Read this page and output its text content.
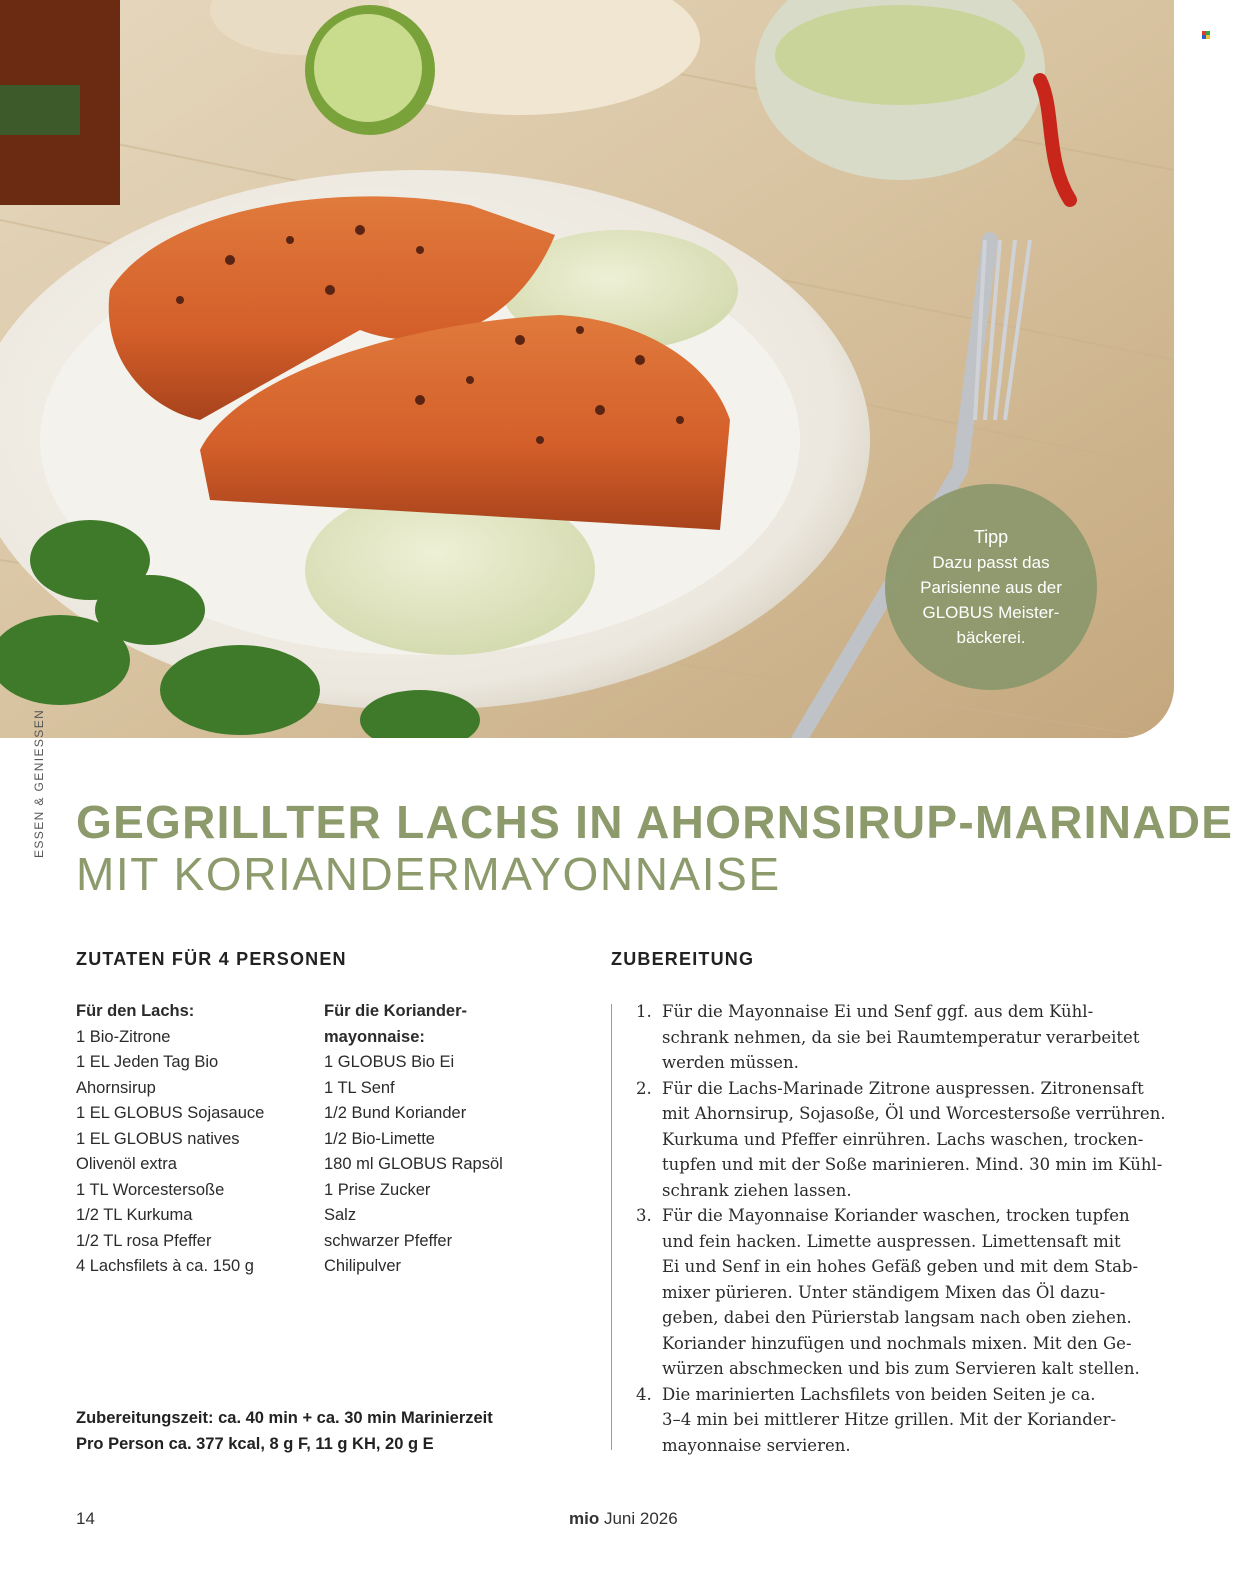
Tipp
Dazu passt das
Parisienne aus der
GLOBUS Meister-
bäckerei.
ESSEN & GENIESSEN GEGRILLTER LACHS IN AHORNSIRUP-MARINADE
MIT KORIANDERMAYONNAISE
ZUTATEN FÜR 4 PERSONEN	ZUBEREITUNG
Für den Lachs:
1 Bio-Zitrone
1 EL Jeden Tag Bio
Ahornsirup
1 EL GLOBUS Sojasauce
1 EL GLOBUS natives
Olivenöl extra
1 TL Worcestersoße
1/2 TL Kurkuma
1/2 TL rosa Pfeffer
4 Lachsfilets à ca. 150 g
Für die Koriander-
mayonnaise:
1 GLOBUS Bio Ei
1 TL Senf
1/2 Bund Koriander
1/2 Bio-Limette
180 ml GLOBUS Rapsöl
1 Prise Zucker
Salz
schwarzer Pfeffer
Chilipulver
1. Für die Mayonnaise Ei und Senf ggf. aus dem Kühl-
schrank nehmen, da sie bei Raumtemperatur verarbeitet
werden müssen.
2. Für die Lachs-Marinade Zitrone auspressen. Zitronensaft
mit Ahornsirup, Sojasoße, Öl und Worcestersoße verrühren.
Kurkuma und Pfeffer einrühren. Lachs waschen, trocken-
tupfen und mit der Soße marinieren. Mind. 30 min im Kühl-
schrank ziehen lassen.
3. Für die Mayonnaise Koriander waschen, trocken tupfen
und fein hacken. Limette auspressen. Limettensaft mit
Ei und Senf in ein hohes Gefäß geben und mit dem Stab-
mixer pürieren. Unter ständigem Mixen das Öl dazu-
geben, dabei den Pürierstab langsam nach oben ziehen.
Koriander hinzufügen und nochmals mixen. Mit den Ge-
würzen abschmecken und bis zum Servieren kalt stellen.
4. Die marinierten Lachsfilets von beiden Seiten je ca.
3–4 min bei mittlerer Hitze grillen. Mit der Koriander-
mayonnaise servieren.
Zubereitungszeit: ca. 40 min + ca. 30 min Marinierzeit
Pro Person ca. 377 kcal, 8 g F, 11 g KH, 20 g E
14	mio Juni 2026
